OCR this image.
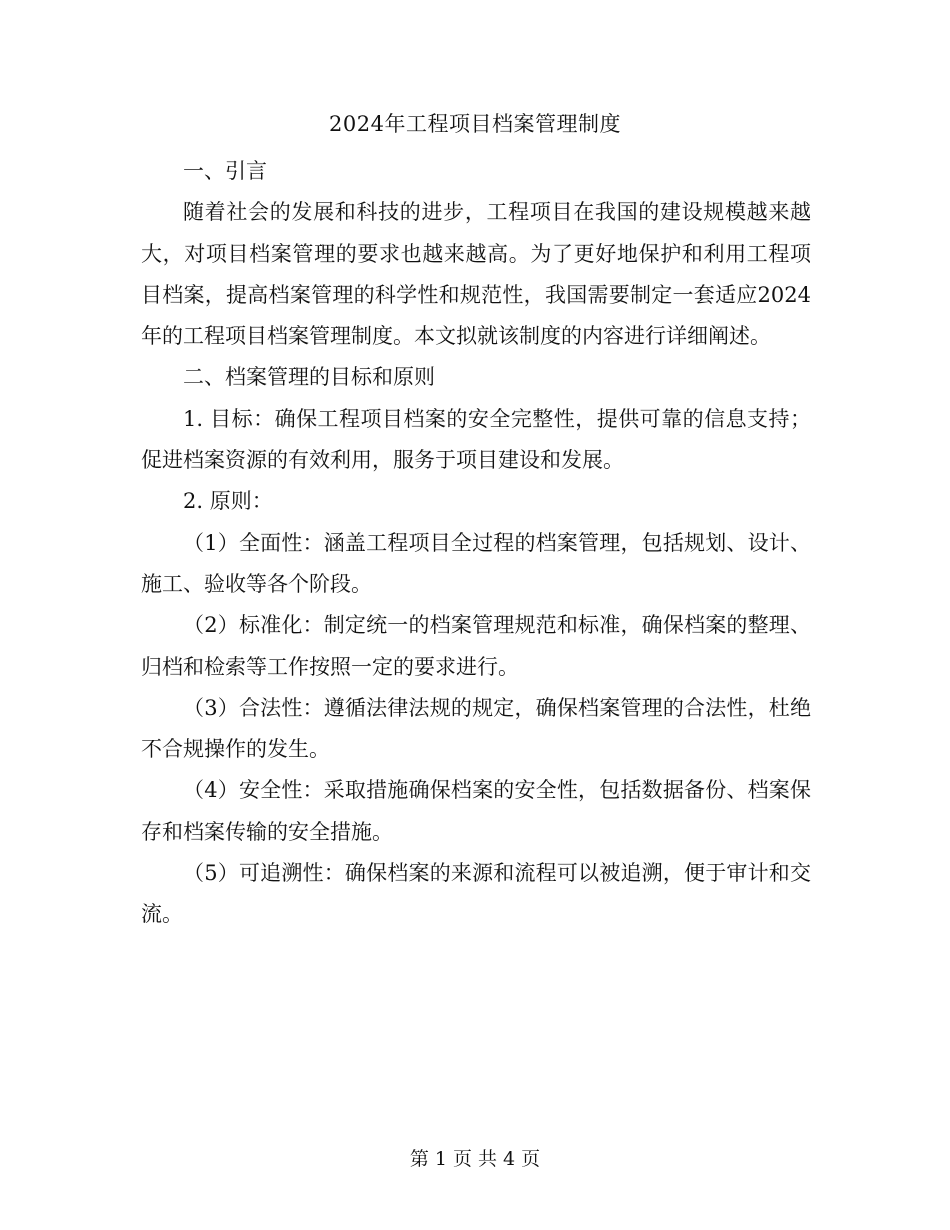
2024年工程项目档案管理制度

一、引言

随着社会的发展和科技的进步，工程项目在我国的建设规模越来越大，对项目档案管理的要求也越来越高。为了更好地保护和利用工程项目档案，提高档案管理的科学性和规范性，我国需要制定一套适应2024年的工程项目档案管理制度。本文拟就该制度的内容进行详细阐述。

二、档案管理的目标和原则

1. 目标：确保工程项目档案的安全完整性，提供可靠的信息支持；促进档案资源的有效利用，服务于项目建设和发展。

2. 原则：

（1）全面性：涵盖工程项目全过程的档案管理，包括规划、设计、施工、验收等各个阶段。

（2）标准化：制定统一的档案管理规范和标准，确保档案的整理、归档和检索等工作按照一定的要求进行。

（3）合法性：遵循法律法规的规定，确保档案管理的合法性，杜绝不合规操作的发生。

（4）安全性：采取措施确保档案的安全性，包括数据备份、档案保存和档案传输的安全措施。

（5）可追溯性：确保档案的来源和流程可以被追溯，便于审计和交流。

第 1 页 共 4 页
